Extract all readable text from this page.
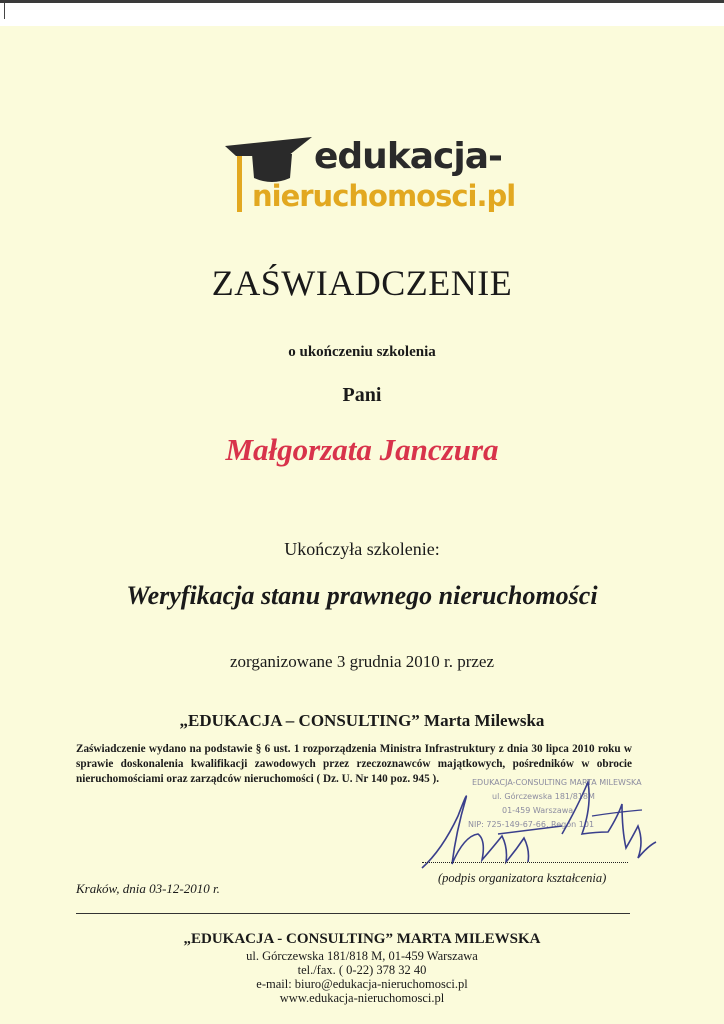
edukacja-
nieruchomosci.pl
ZAŚWIADCZENIE
o ukończeniu szkolenia
Pani
Małgorzata Janczura
Ukończyła szkolenie:
Weryfikacja stanu prawnego nieruchomości
zorganizowane 3 grudnia 2010 r. przez
„EDUKACJA – CONSULTING” Marta Milewska
Zaświadczenie wydano na podstawie § 6 ust. 1 rozporządzenia Ministra Infrastruktury z dnia 30 lipca 2010 roku w sprawie doskonalenia kwalifikacji zawodowych przez rzeczoznawców majątkowych, pośredników w obrocie nieruchomościami oraz zarządców nieruchomości ( Dz. U. Nr 140 poz. 945 ).	EDUKACJA-CONSULTING MARTA MILEWSKA
ul. Górczewska 181/818M
01-459 Warszawa
NIP: 725-149-67-66, Regon 101
(podpis organizatora kształcenia)
Kraków, dnia 03-12-2010 r.
„EDUKACJA - CONSULTING” MARTA MILEWSKA
ul. Górczewska 181/818 M, 01-459 Warszawa
tel./fax. ( 0-22) 378 32 40
e-mail: biuro@edukacja-nieruchomosci.pl
www.edukacja-nieruchomosci.pl
